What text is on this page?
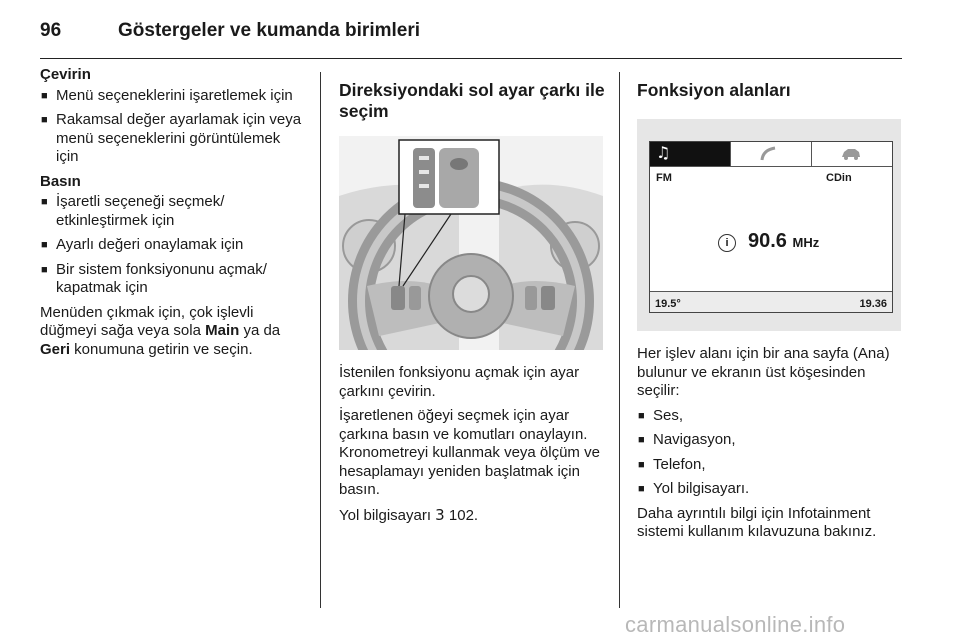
96	Göstergeler ve kumanda birimleri

Çevirin

■ Menü seçeneklerini işaretlemek için
■ Rakamsal değer ayarlamak için veya menü seçeneklerini görüntülemek için

Basın

■ İşaretli seçeneği seçmek/ etkinleştirmek için
■ Ayarlı değeri onaylamak için
■ Bir sistem fonksiyonunu açmak/ kapatmak için

Menüden çıkmak için, çok işlevli düğmeyi sağa veya sola Main ya da Geri konumuna getirin ve seçin.

Direksiyondaki sol ayar çarkı ile seçim

İstenilen fonksiyonu açmak için ayar çarkını çevirin.

İşaretlenen öğeyi seçmek için ayar çarkına basın ve komutları onaylayın. Kronometreyi kullanmak veya ölçüm ve hesaplamayı yeniden başlatmak için basın.

Yol bilgisayarı 3 102.

Fonksiyon alanları

♫
FM	CDin
i 90.6 MHz
19.5°	19.36

Her işlev alanı için bir ana sayfa (Ana) bulunur ve ekranın üst köşesinden seçilir:

■ Ses,
■ Navigasyon,
■ Telefon,
■ Yol bilgisayarı.

Daha ayrıntılı bilgi için Infotainment sistemi kullanım kılavuzuna bakınız.

carmanualsonline.info
